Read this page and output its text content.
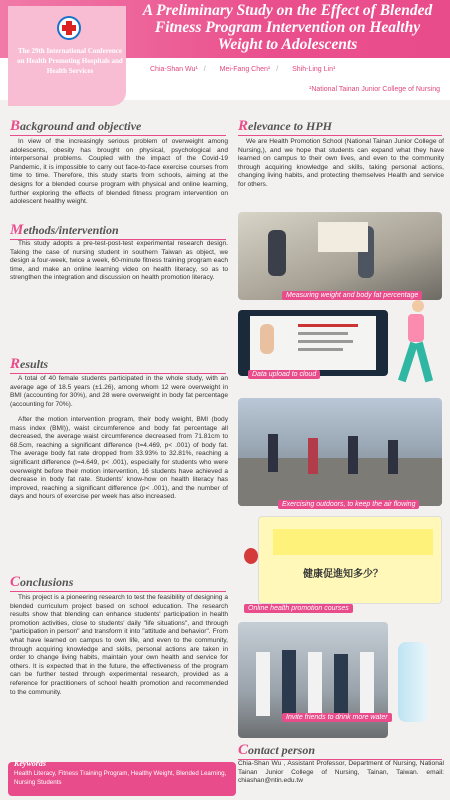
The 29th International Conference on Health Promoting Hospitals and Health Services
A Preliminary Study on the Effect of Blended Fitness Program Intervention on Healthy Weight to Adolescents
Chia-Shan Wu¹ / Mei-Fang Chen¹ / Shih-Ling Lin¹
¹National Tainan Junior College of Nursing
Background and objective
In view of the increasingly serious problem of overweight among adolescents, obesity has brought on physical, psychological and interpersonal problems. Coupled with the impact of the Covid-19 Pandemic, it is impossible to carry out face-to-face exercise courses from time to time. Therefore, this study starts from schools, aiming at the designs for a blended course program with physical and online learning, further exploring the effects of blended fitness program intervention on adolescent healthy weight.
Methods/intervention
This study adopts a pre-test-post-test experimental research design. Taking the case of nursing student in southern Taiwan as object, we design a four-week, twice a week, 60-minute fitness training program each time, and make an online learning video on health literacy, so as to strengthen the integration and discussion on health promotion literacy.
Results
A total of 40 female students participated in the whole study, with an average age of 18.5 years (±1.26), among whom 12 were overweight in BMI (accounting for 30%), and 28 were overweight in body fat percentage (accounting for 70%).
After the motion intervention program, their body weight, BMI (body mass index (BMI)), waist circumference and body fat percentage all decreased, the average waist circumference decreased from 71.81cm to 68.5cm, reaching a significant difference (t=4.469, p< .001) of body fat. The average body fat rate dropped from 33.93% to 32.81%, reaching a significant difference (t=4.649, p< .001), especially for students who were overweight before their motion intervention, 16 students have achieved a decrease in body fat rate. Students' know-how on health literacy has improved, reaching a significant difference (p< .001), and the number of days and hours of exercise per week has also increased.
Conclusions
This project is a pioneering research to test the feasibility of designing a blended curriculum project based on school education. The research results show that blending can enhance students' participation in health promotion activities, close to students' daily "life situations", and through "participation in person" and transform it into "attitude and behavior". From what have learned on campus to own life, and even to the community, through acquiring knowledge and skills, personal actions are taken in order to change living habits, maintain your own health and service for others. It is expected that in the future, the effectiveness of the program can be further tested through experimental research, provided as a reference for practitioners of school health promotion and recommended to the community.
Keywords
Health Literacy, Fitness Training Program, Healthy Weight, Blended Learning, Nursing Students
Relevance to HPH
We are Health Promotion School (National Tainan Junior College of Nursing,), and we hope that students can expand what they have learned on campus to their own lives, and even to the community through acquiring knowledge and skills, taking personal actions, changing living habits, and protecting themselves Health and service for others.
Measuring weight and body fat percentage
Data upload to cloud
Exercising outdoors, to keep the air flowing
健康促進知多少？
Online health promotion courses
Invite friends to drink more water
Contact person
Chia-Shan Wu , Assistant Professor, Department of Nursing, National Tainan Junior College of Nursing, Tainan, Taiwan. email: chiashan@ntin.edu.tw
